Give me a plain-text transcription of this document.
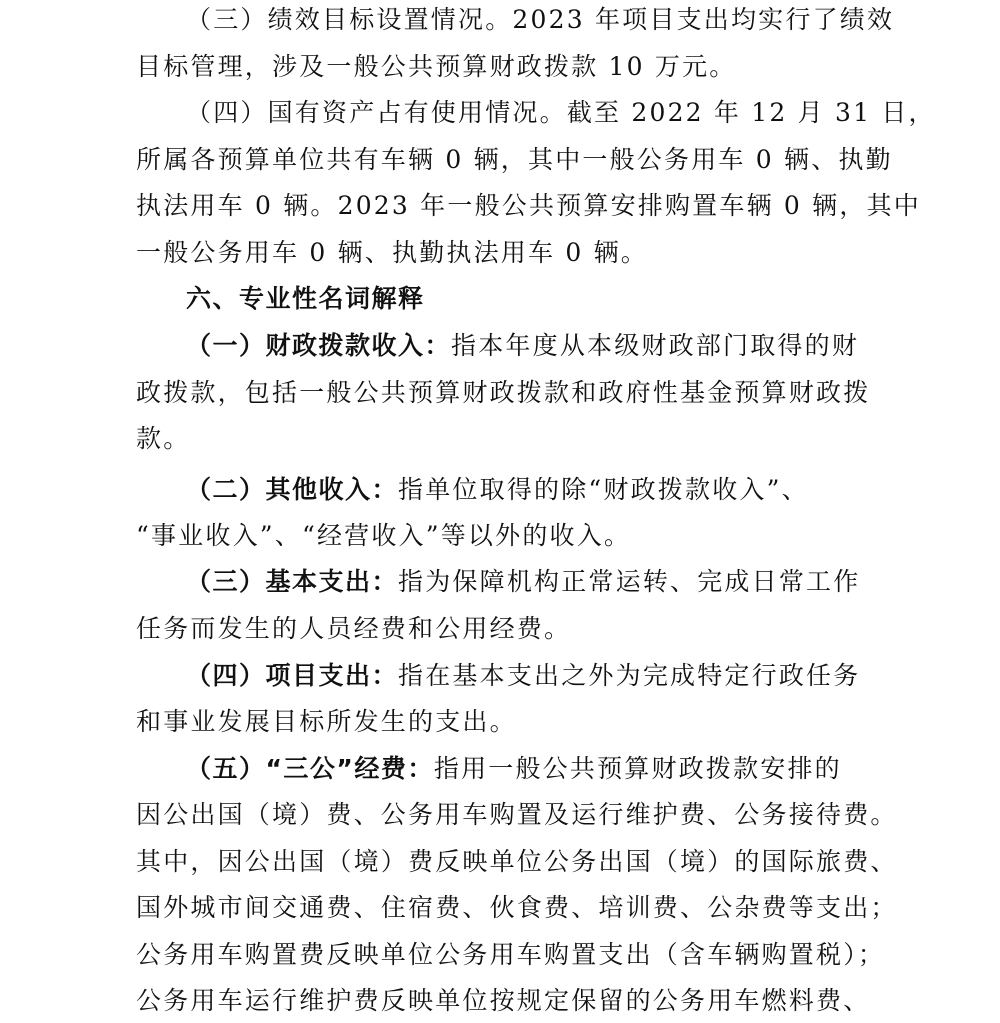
（三）绩效目标设置情况。2023 年项目支出均实行了绩效
目标管理，涉及一般公共预算财政拨款 10 万元。
（四）国有资产占有使用情况。截至 2022 年 12 月 31 日，
所属各预算单位共有车辆 0 辆，其中一般公务用车 0 辆、执勤
执法用车 0 辆。2023 年一般公共预算安排购置车辆 0 辆，其中
一般公务用车 0 辆、执勤执法用车 0 辆。
六、专业性名词解释
（一）财政拨款收入：指本年度从本级财政部门取得的财
政拨款，包括一般公共预算财政拨款和政府性基金预算财政拨
款。
（二）其他收入：指单位取得的除“财政拨款收入”、
“事业收入”、“经营收入”等以外的收入。
（三）基本支出：指为保障机构正常运转、完成日常工作
任务而发生的人员经费和公用经费。
（四）项目支出：指在基本支出之外为完成特定行政任务
和事业发展目标所发生的支出。
（五）“三公”经费：指用一般公共预算财政拨款安排的
因公出国（境）费、公务用车购置及运行维护费、公务接待费。
其中，因公出国（境）费反映单位公务出国（境）的国际旅费、
国外城市间交通费、住宿费、伙食费、培训费、公杂费等支出；
公务用车购置费反映单位公务用车购置支出（含车辆购置税）；
公务用车运行维护费反映单位按规定保留的公务用车燃料费、
